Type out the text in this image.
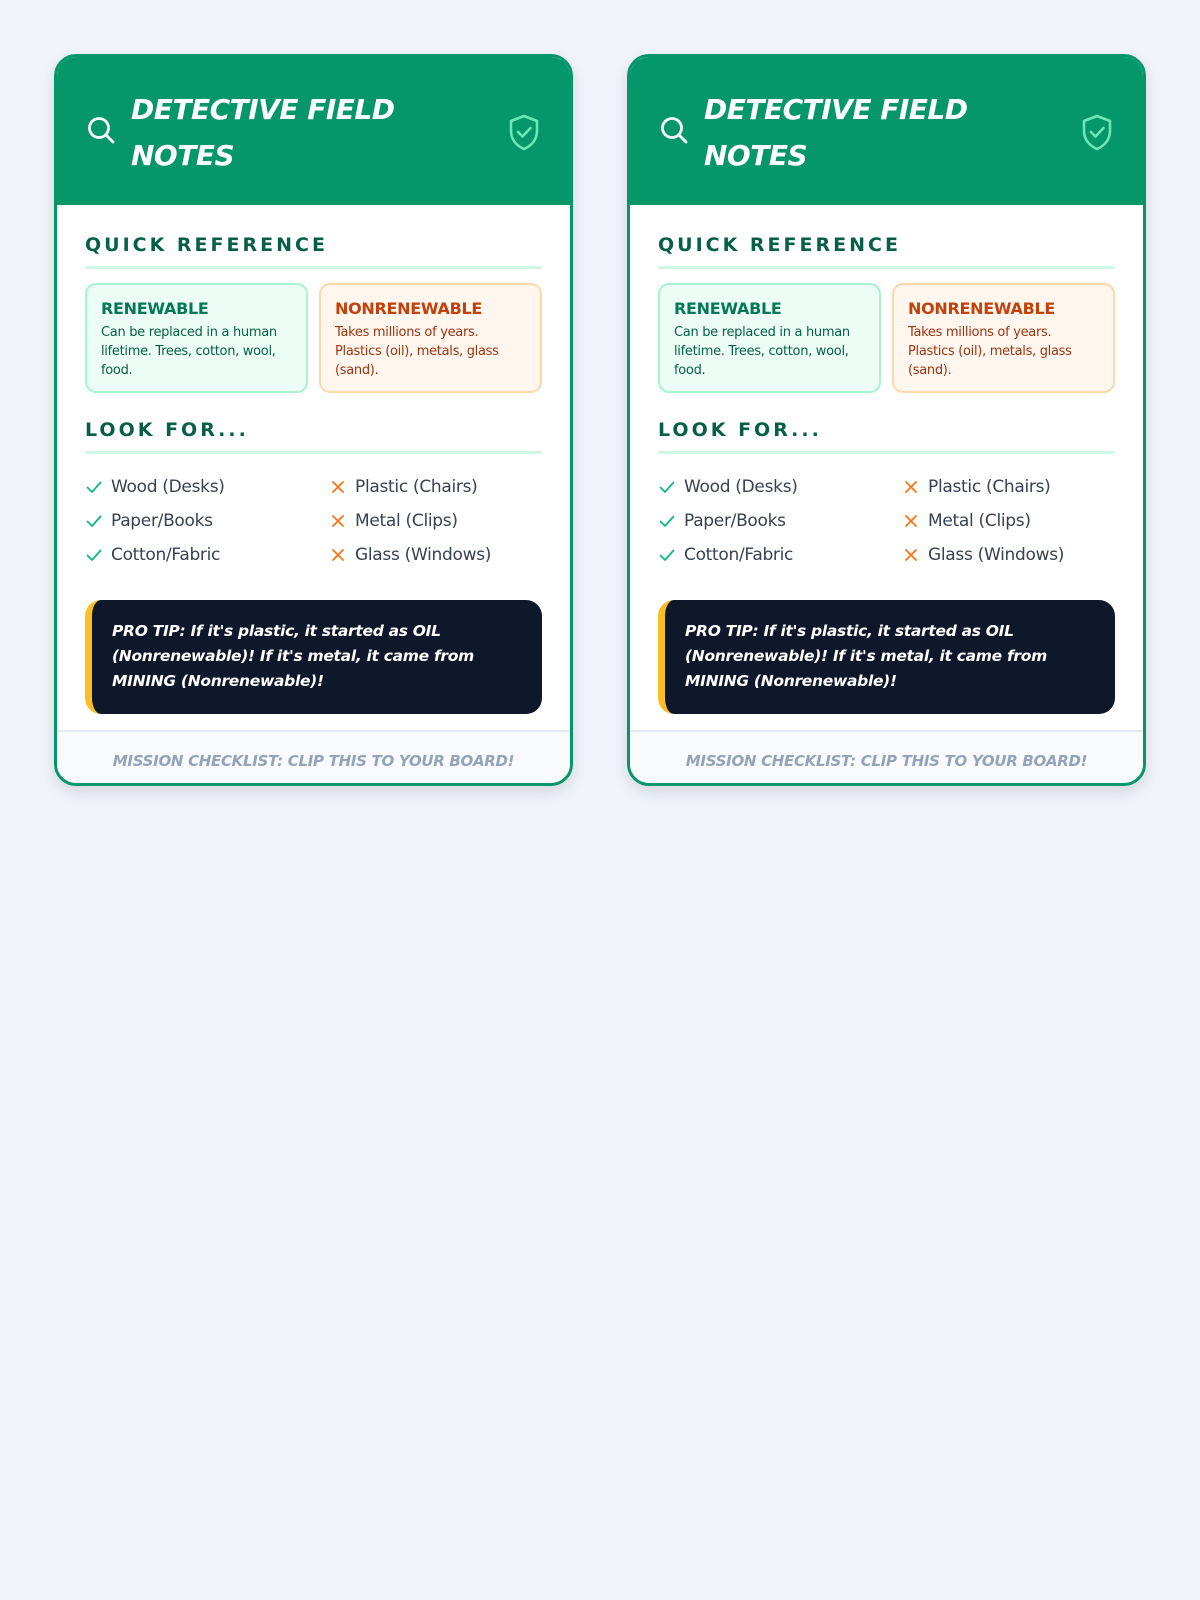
DETECTIVE FIELD NOTES
QUICK REFERENCE
RENEWABLE
Can be replaced in a human lifetime. Trees, cotton, wool, food.
NONRENEWABLE
Takes millions of years. Plastics (oil), metals, glass (sand).
LOOK FOR...
Wood (Desks)	Plastic (Chairs)
Paper/Books	Metal (Clips)
Cotton/Fabric	Glass (Windows)
PRO TIP: If it's plastic, it started as OIL (Nonrenewable)! If it's metal, it came from MINING (Nonrenewable)!
MISSION CHECKLIST: CLIP THIS TO YOUR BOARD!
DETECTIVE FIELD NOTES
QUICK REFERENCE
RENEWABLE
Can be replaced in a human lifetime. Trees, cotton, wool, food.
NONRENEWABLE
Takes millions of years. Plastics (oil), metals, glass (sand).
LOOK FOR...
Wood (Desks)	Plastic (Chairs)
Paper/Books	Metal (Clips)
Cotton/Fabric	Glass (Windows)
PRO TIP: If it's plastic, it started as OIL (Nonrenewable)! If it's metal, it came from MINING (Nonrenewable)!
MISSION CHECKLIST: CLIP THIS TO YOUR BOARD!
